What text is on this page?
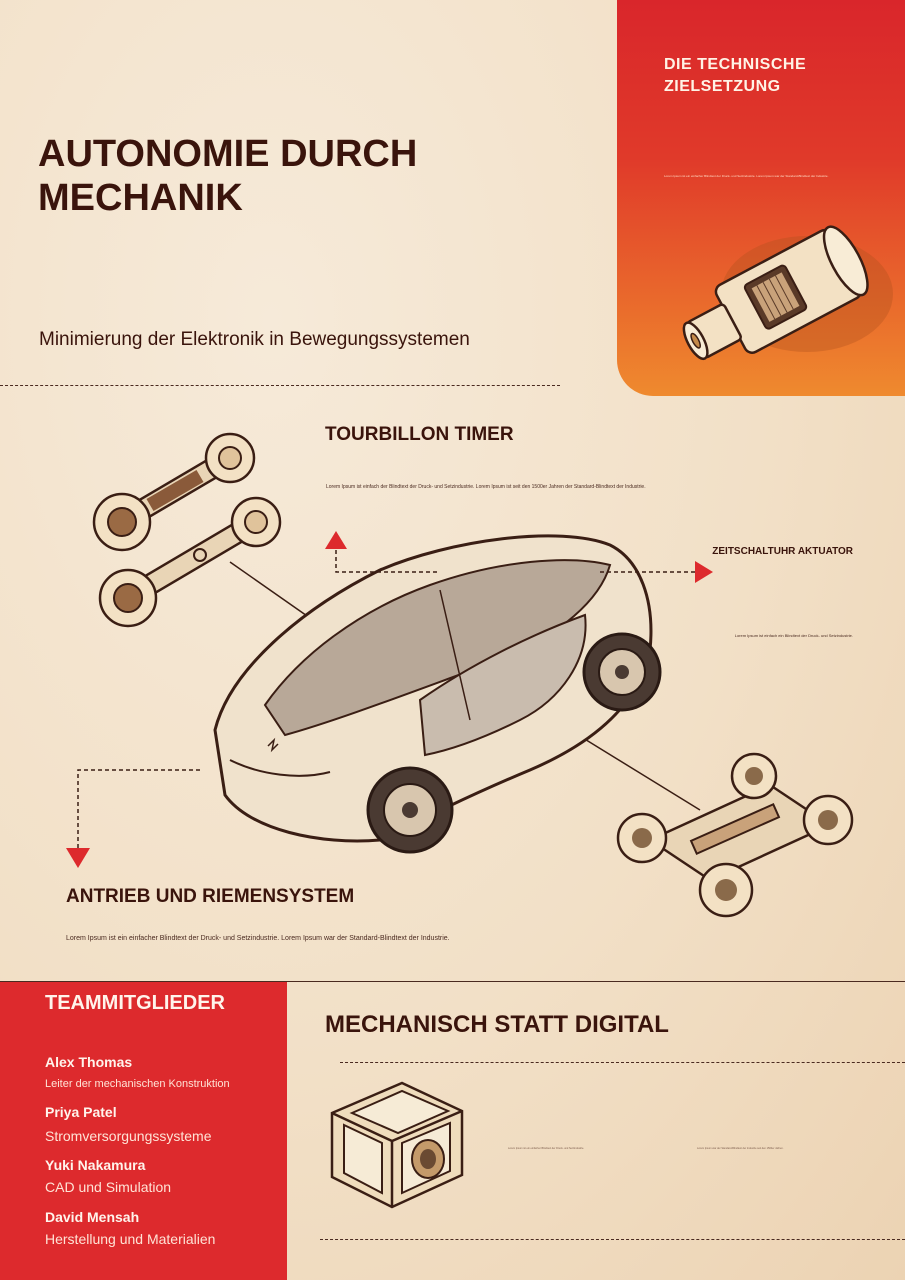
DIE TECHNISCHE ZIELSETZUNG
Lorem Ipsum ist ein einfacher Blindtext der Druck- und Setzindustrie. Lorem Ipsum war der Standard-Blindtext der Industrie.
AUTONOMIE DURCH MECHANIK
Minimierung der Elektronik in Bewegungssystemen
TOURBILLON TIMER
Lorem Ipsum ist einfach der Blindtext der Druck- und Setzindustrie. Lorem Ipsum ist seit den 1500er Jahren der Standard-Blindtext der Industrie.
ZEITSCHALTUHR AKTUATOR
Lorem Ipsum ist einfach ein Blindtext der Druck- und Setzindustrie.
ANTRIEB UND RIEMENSYSTEM
Lorem Ipsum ist ein einfacher Blindtext der Druck- und Setzindustrie. Lorem Ipsum war der Standard-Blindtext der Industrie.
TEAMMITGLIEDER
Alex Thomas
Leiter der mechanischen Konstruktion
Priya Patel
Stromversorgungssysteme
Yuki Nakamura
CAD und Simulation
David Mensah
Herstellung und Materialien
MECHANISCH STATT DIGITAL
Lorem Ipsum ist ein einfacher Blindtext der Druck- und Setzindustrie.	Lorem Ipsum war der Standard-Blindtext der Industrie seit den 1500er Jahren.
